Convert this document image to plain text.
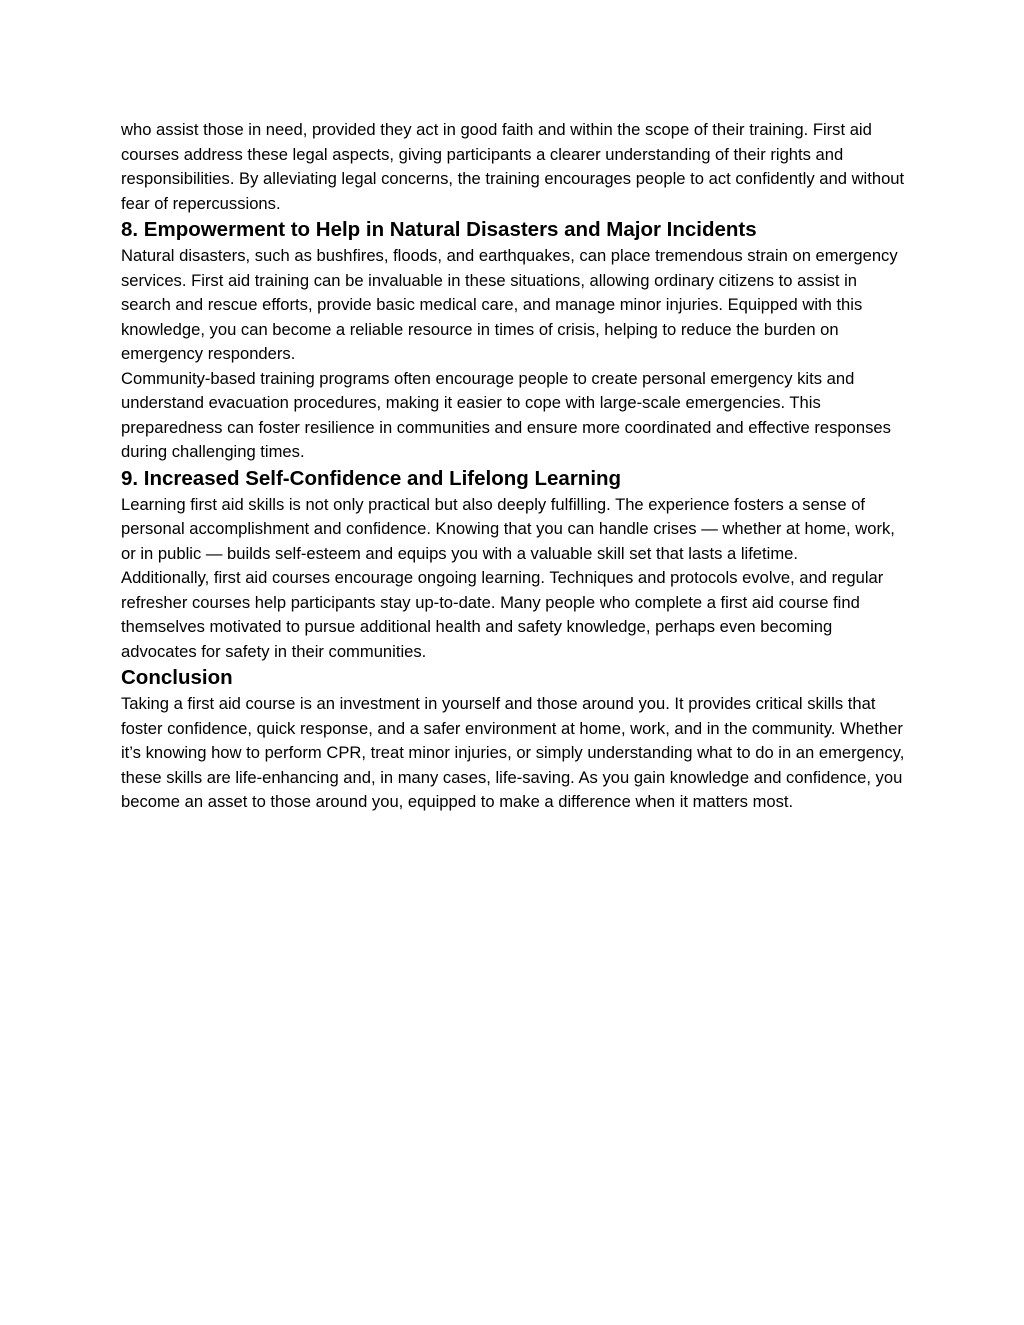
who assist those in need, provided they act in good faith and within the scope of their training. First aid courses address these legal aspects, giving participants a clearer understanding of their rights and responsibilities. By alleviating legal concerns, the training encourages people to act confidently and without fear of repercussions.

8. Empowerment to Help in Natural Disasters and Major Incidents

Natural disasters, such as bushfires, floods, and earthquakes, can place tremendous strain on emergency services. First aid training can be invaluable in these situations, allowing ordinary citizens to assist in search and rescue efforts, provide basic medical care, and manage minor injuries. Equipped with this knowledge, you can become a reliable resource in times of crisis, helping to reduce the burden on emergency responders.

Community-based training programs often encourage people to create personal emergency kits and understand evacuation procedures, making it easier to cope with large-scale emergencies. This preparedness can foster resilience in communities and ensure more coordinated and effective responses during challenging times.

9. Increased Self-Confidence and Lifelong Learning

Learning first aid skills is not only practical but also deeply fulfilling. The experience fosters a sense of personal accomplishment and confidence. Knowing that you can handle crises — whether at home, work, or in public — builds self-esteem and equips you with a valuable skill set that lasts a lifetime.

Additionally, first aid courses encourage ongoing learning. Techniques and protocols evolve, and regular refresher courses help participants stay up-to-date. Many people who complete a first aid course find themselves motivated to pursue additional health and safety knowledge, perhaps even becoming advocates for safety in their communities.

Conclusion

Taking a first aid course is an investment in yourself and those around you. It provides critical skills that foster confidence, quick response, and a safer environment at home, work, and in the community. Whether it’s knowing how to perform CPR, treat minor injuries, or simply understanding what to do in an emergency, these skills are life-enhancing and, in many cases, life-saving. As you gain knowledge and confidence, you become an asset to those around you, equipped to make a difference when it matters most.
